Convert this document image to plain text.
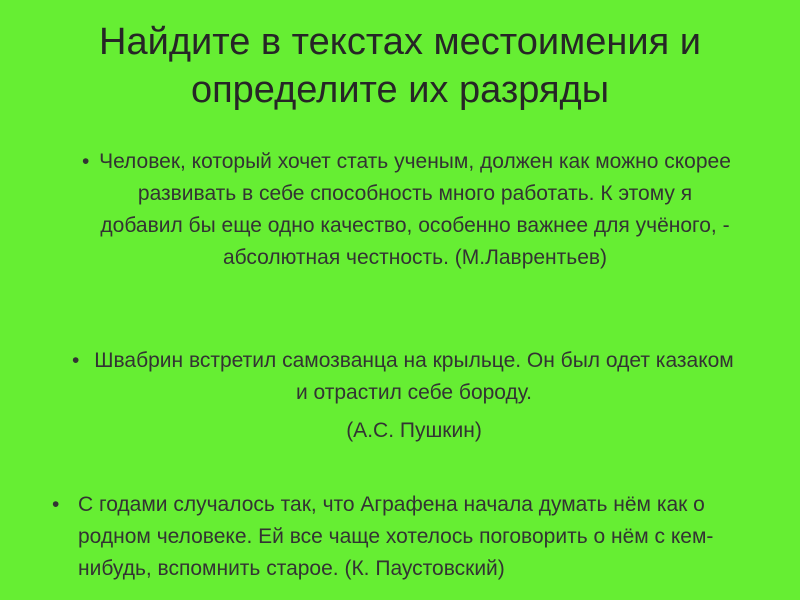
Найдите в текстах местоимения и определите их разряды
• Человек, который хочет стать ученым, должен как можно скорее развивать в себе способность много работать. К этому я добавил бы еще одно качество, особенно важнее для учёного, - абсолютная честность. (М.Лаврентьев)
• Швабрин встретил самозванца на крыльце. Он был одет казаком и отрастил себе бороду.
(А.С. Пушкин)
• С годами случалось так, что Аграфена начала думать нём как о родном человеке. Ей все чаще хотелось поговорить о нём с кем-нибудь, вспомнить старое. (К. Паустовский)
